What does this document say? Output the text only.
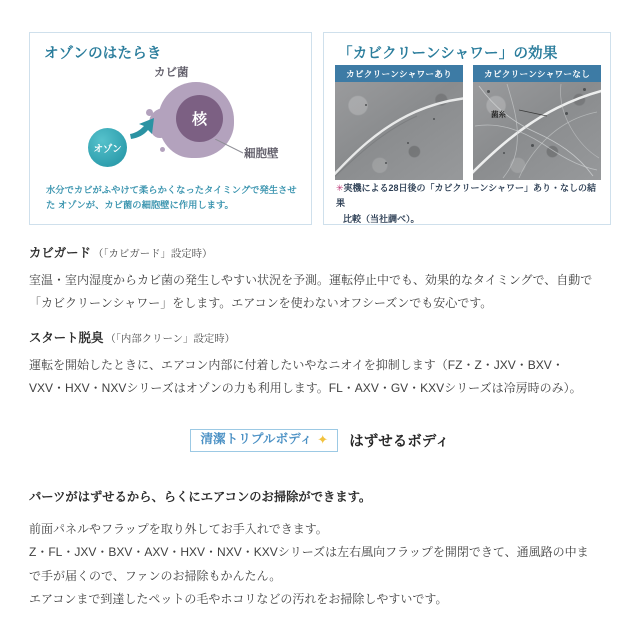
オゾンのはたらき
カビ菌
核
オゾン	細胞壁
水分でカビがふやけて柔らかくなったタイミングで発生させた オゾンが、カビ菌の細胞壁に作用します。
「カビクリーンシャワー」の効果
カビクリーンシャワーあり	カビクリーンシャワーなし
菌糸
✳実機による28日後の「カビクリーンシャワー」あり・なしの結果
比較（当社調べ）。
カビガード （「カビガード」設定時）
室温・室内湿度からカビ菌の発生しやすい状況を予測。運転停止中でも、効果的なタイミングで、自動で
「カビクリーンシャワー」をします。エアコンを使わないオフシーズンでも安心です。
スタート脱臭 （「内部クリーン」設定時）
運転を開始したときに、エアコン内部に付着したいやなニオイを抑制します（FZ・Z・JXV・BXV・
VXV・HXV・NXVシリーズはオゾンの力も利用します。FL・AXV・GV・KXVシリーズは冷房時のみ）。
清潔トリプルボディ ✦ はずせるボディ
パーツがはずせるから、らくにエアコンのお掃除ができます。
前面パネルやフラップを取り外してお手入れできます。
Z・FL・JXV・BXV・AXV・HXV・NXV・KXVシリーズは左右風向フラップを開閉できて、通風路の中ま
で手が届くので、ファンのお掃除もかんたん。
エアコンまで到達したペットの毛やホコリなどの汚れをお掃除しやすいです。
